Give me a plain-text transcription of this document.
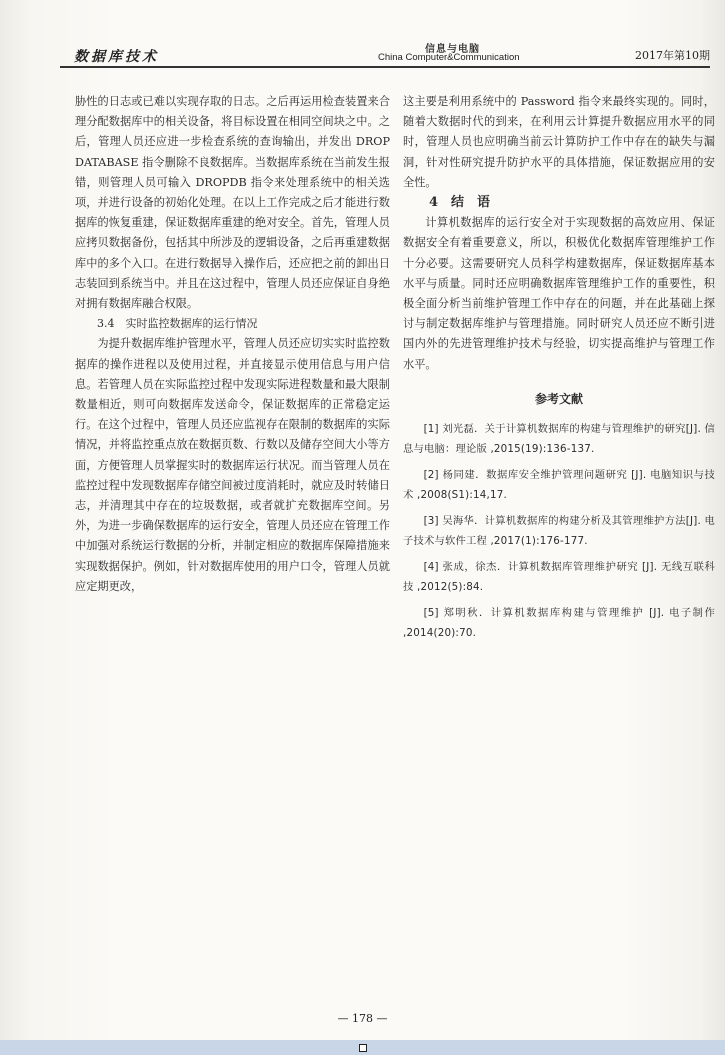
数据库技术	信息与电脑
China Computer&Communication	2017年第10期

胁性的日志或已难以实现存取的日志。之后再运用检查装置来合理分配数据库中的相关设备，将目标设置在相同空间块之中。之后，管理人员还应进一步检查系统的查询输出，并发出 DROP DATABASE 指令删除不良数据库。当数据库系统在当前发生报错，则管理人员可输入 DROPDB 指令来处理系统中的相关选项，并进行设备的初始化处理。在以上工作完成之后才能进行数据库的恢复重建，保证数据库重建的绝对安全。首先，管理人员应拷贝数据备份，包括其中所涉及的逻辑设备，之后再重建数据库中的多个入口。在进行数据导入操作后，还应把之前的卸出日志装回到系统当中。并且在这过程中，管理人员还应保证自身绝对拥有数据库融合权限。

3.4　实时监控数据库的运行情况

为提升数据库维护管理水平，管理人员还应切实实时监控数据库的操作进程以及使用过程，并直接显示使用信息与用户信息。若管理人员在实际监控过程中发现实际进程数量和最大限制数量相近，则可向数据库发送命令，保证数据库的正常稳定运行。在这个过程中，管理人员还应监视存在限制的数据库的实际情况，并将监控重点放在数据页数、行数以及储存空间大小等方面，方便管理人员掌握实时的数据库运行状况。而当管理人员在监控过程中发现数据库存储空间被过度消耗时，就应及时转储日志，并清理其中存在的垃圾数据，或者就扩充数据库空间。另外，为进一步确保数据库的运行安全，管理人员还应在管理工作中加强对系统运行数据的分析，并制定相应的数据库保障措施来实现数据保护。例如，针对数据库使用的用户口令，管理人员就应定期更改，

这主要是利用系统中的 Password 指令来最终实现的。同时，随着大数据时代的到来，在利用云计算提升数据应用水平的同时，管理人员也应明确当前云计算防护工作中存在的缺失与漏洞，针对性研究提升防护水平的具体措施，保证数据应用的安全性。

4　结　语

计算机数据库的运行安全对于实现数据的高效应用、保证数据安全有着重要意义，所以，积极优化数据库管理维护工作十分必要。这需要研究人员科学构建数据库，保证数据库基本水平与质量。同时还应明确数据库管理维护工作的重要性，积极全面分析当前维护管理工作中存在的问题，并在此基础上探讨与制定数据库维护与管理措施。同时研究人员还应不断引进国内外的先进管理维护技术与经验，切实提高维护与管理工作水平。

参考文献
[1] 刘光磊．关于计算机数据库的构建与管理维护的研究[J]. 信息与电脑：理论版 ,2015(19):136-137.
[2] 杨同建．数据库安全维护管理问题研究 [J]. 电脑知识与技术 ,2008(S1):14,17.
[3] 吴海华．计算机数据库的构建分析及其管理维护方法[J]. 电子技术与软件工程 ,2017(1):176-177.
[4] 张成，徐杰．计算机数据库管理维护研究 [J]. 无线互联科技 ,2012(5):84.
[5] 郑明秋．计算机数据库构建与管理维护 [J]. 电子制作 ,2014(20):70.
— 178 —
